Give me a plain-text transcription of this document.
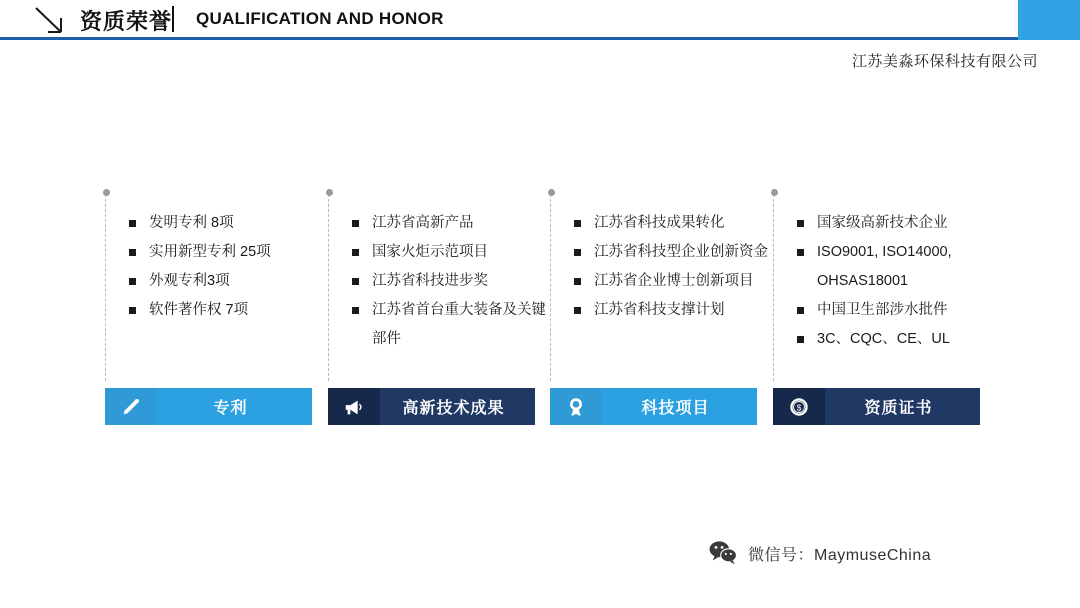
资质荣誉 QUALIFICATION AND HONOR
江苏美淼环保科技有限公司
发明专利 8项
实用新型专利 25项
外观专利3项
软件著作权 7项
江苏省高新产品
国家火炬示范项目
江苏省科技进步奖
江苏省首台重大装备及关键部件
江苏省科技成果转化
江苏省科技型企业创新资金
江苏省企业博士创新项目
江苏省科技支撑计划
国家级高新技术企业
ISO9001, ISO14000, OHSAS18001
中国卫生部涉水批件
3C、CQC、CE、UL
专利	高新技术成果	科技项目	$	资质证书
微信号：MaymuseChina
